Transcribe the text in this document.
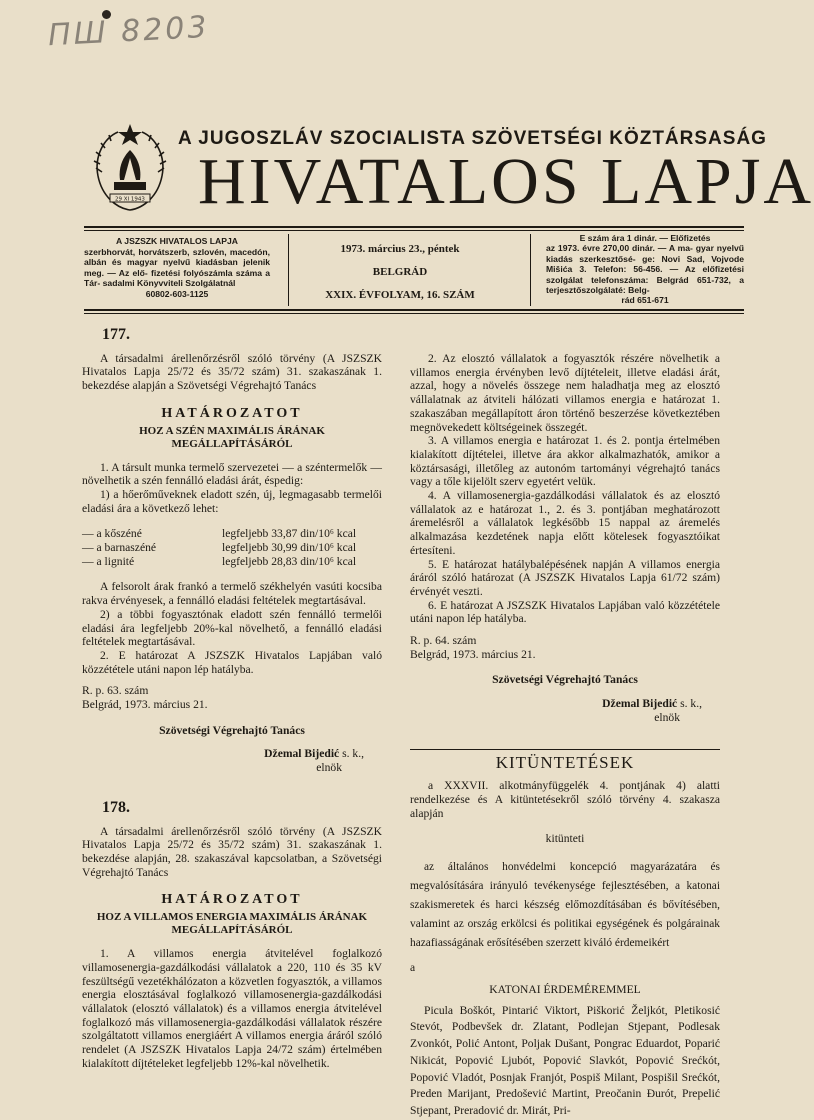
ПШ 8203
29 XI 1943
A JUGOSZLÁV SZOCIALISTA SZÖVETSÉGI KÖZTÁRSASÁG
HIVATALOS LAPJA
A JSZSZK HIVATALOS LAPJA
szerbhorvát, horvátszerb, szlovén, macedón, albán és magyar nyelvű kiadásban jelenik meg. — Az elő- fizetési folyószámla száma a Tár- sadalmi Könyvviteli Szolgálatnál
60802-603-1125
1973. március 23., péntek
BELGRÁD
XXIX. ÉVFOLYAM, 16. SZÁM
E szám ára 1 dinár. — Előfizetés
az 1973. évre 270,00 dinár. — A ma- gyar nyelvű kiadás szerkesztősé- ge: Novi Sad, Vojvode Mišića 3. Telefon: 56-456. — Az előfizetési szolgálat telefonszáma: Belgrád 651-732, a terjesztőszolgálaté: Belg-
rád 651-671
177.
A társadalmi árellenőrzésről szóló törvény (A JSZSZK Hivatalos Lapja 25/72 és 35/72 szám) 31. szakaszának 1. bekezdése alapján a Szövetségi Végrehajtó Tanács
HATÁROZATOT
HOZ A SZÉN MAXIMÁLIS ÁRÁNAK MEGÁLLAPÍTÁSÁRÓL
1. A társult munka termelő szervezetei — a széntermelők — növelhetik a szén fennálló eladási árát, éspedig:
1) a hőerőműveknek eladott szén, új, legmagasabb termelői eladási ára a következő lehet:
— a kőszéné	legfeljebb 33,87 din/10⁶ kcal
— a barnaszéné	legfeljebb 30,99 din/10⁶ kcal
— a lignité	legfeljebb 28,83 din/10⁶ kcal
A felsorolt árak frankó a termelő székhelyén vasúti kocsiba rakva érvényesek, a fennálló eladási feltételek megtartásával.
2) a többi fogyasztónak eladott szén fennálló termelői eladási ára legfeljebb 20%-kal növelhető, a fennálló eladási feltételek megtartásával.
2. E határozat A JSZSZK Hivatalos Lapjában való közzététele utáni napon lép hatályba.
R. p. 63. szám
Belgrád, 1973. március 21.
Szövetségi Végrehajtó Tanács
Džemal Bijedić s. k.,
elnök
178.
A társadalmi árellenőrzésről szóló törvény (A JSZSZK Hivatalos Lapja 25/72 és 35/72 szám) 31. szakaszának 1. bekezdése alapján, 28. szakaszával kapcsolatban, a Szövetségi Végrehajtó Tanács
HATÁROZATOT
HOZ A VILLAMOS ENERGIA MAXIMÁLIS ÁRÁNAK MEGÁLLAPÍTÁSÁRÓL
1. A villamos energia átvitelével foglalkozó villamosenergia-gazdálkodási vállalatok a 220, 110 és 35 kV feszültségű vezetékhálózaton a közvetlen fogyasztók, a villamos energia elosztásával foglalkozó villamosenergia-gazdálkodási vállalatok (elosztó vállalatok) és a villamos energia átvitelével foglalkozó más villamosenergia-gazdálkodási vállalatok részére szolgáltatott villamos energiáért A villamos energia áráról szóló rendelet (A JSZSZK Hivatalos Lapja 24/72 szám) értelmében kialakított díjtételeket legfeljebb 12%-kal növelhetik.
2. Az elosztó vállalatok a fogyasztók részére növelhetik a villamos energia érvényben levő díjtételeit, illetve eladási árát, azzal, hogy a növelés összege nem haladhatja meg az elosztó vállalatnak az átviteli hálózati villamos energia e határozat 1. szakaszában megállapított áron történő beszerzése következtében megnövekedett költségeinek összegét.
3. A villamos energia e határozat 1. és 2. pontja értelmében kialakított díjtételei, illetve ára akkor alkalmazhatók, amikor a köztársasági, illetőleg az autonóm tartományi végrehajtó tanács vagy a tőle kijelölt szerv egyetért velük.
4. A villamosenergia-gazdálkodási vállalatok és az elosztó vállalatok az e határozat 1., 2. és 3. pontjában meghatározott áremelésről a vállalatok legkésőbb 15 nappal az áremelés alkalmazása kezdetének napja előtt kötelesek fogyasztóikat értesíteni.
5. E határozat hatálybalépésének napján A villamos energia áráról szóló határozat (A JSZSZK Hivatalos Lapja 61/72 szám) érvényét veszti.
6. E határozat A JSZSZK Hivatalos Lapjában való közzététele utáni napon lép hatályba.
R. p. 64. szám
Belgrád, 1973. március 21.
Szövetségi Végrehajtó Tanács
Džemal Bijedić s. k.,
elnök
KITÜNTETÉSEK
a XXXVII. alkotmányfüggelék 4. pontjának 4) alatti rendelkezése és A kitüntetésekről szóló törvény 4. szakasza alapján
kitünteti
az általános honvédelmi koncepció magyarázatára és megvalósítására irányuló tevékenysége fejlesztésében, a katonai szakismeretek és harci készség előmozdításában és bővítésében, valamint az ország erkölcsi és politikai egységének és polgárainak hazafiasságának erősítésében szerzett kiváló érdemeikért
a
KATONAI ÉRDEMÉREMMEL
Picula Boškót, Pintarić Viktort, Piškorić Željkót, Pletikosić Stevót, Podbevšek dr. Zlatant, Podlejan Stjepant, Podlesak Zvonkót, Polić Antont, Poljak Dušant, Pongrac Eduardot, Poparić Nikicát, Popović Ljubót, Popović Slavkót, Popović Srećkót, Popović Vladót, Posnjak Franjót, Pospiš Milant, Pospišil Srećkót, Preden Marijant, Predošević Martint, Preočanin Đurót, Prepelić Stjepant, Preradović dr. Mirát, Pri-
